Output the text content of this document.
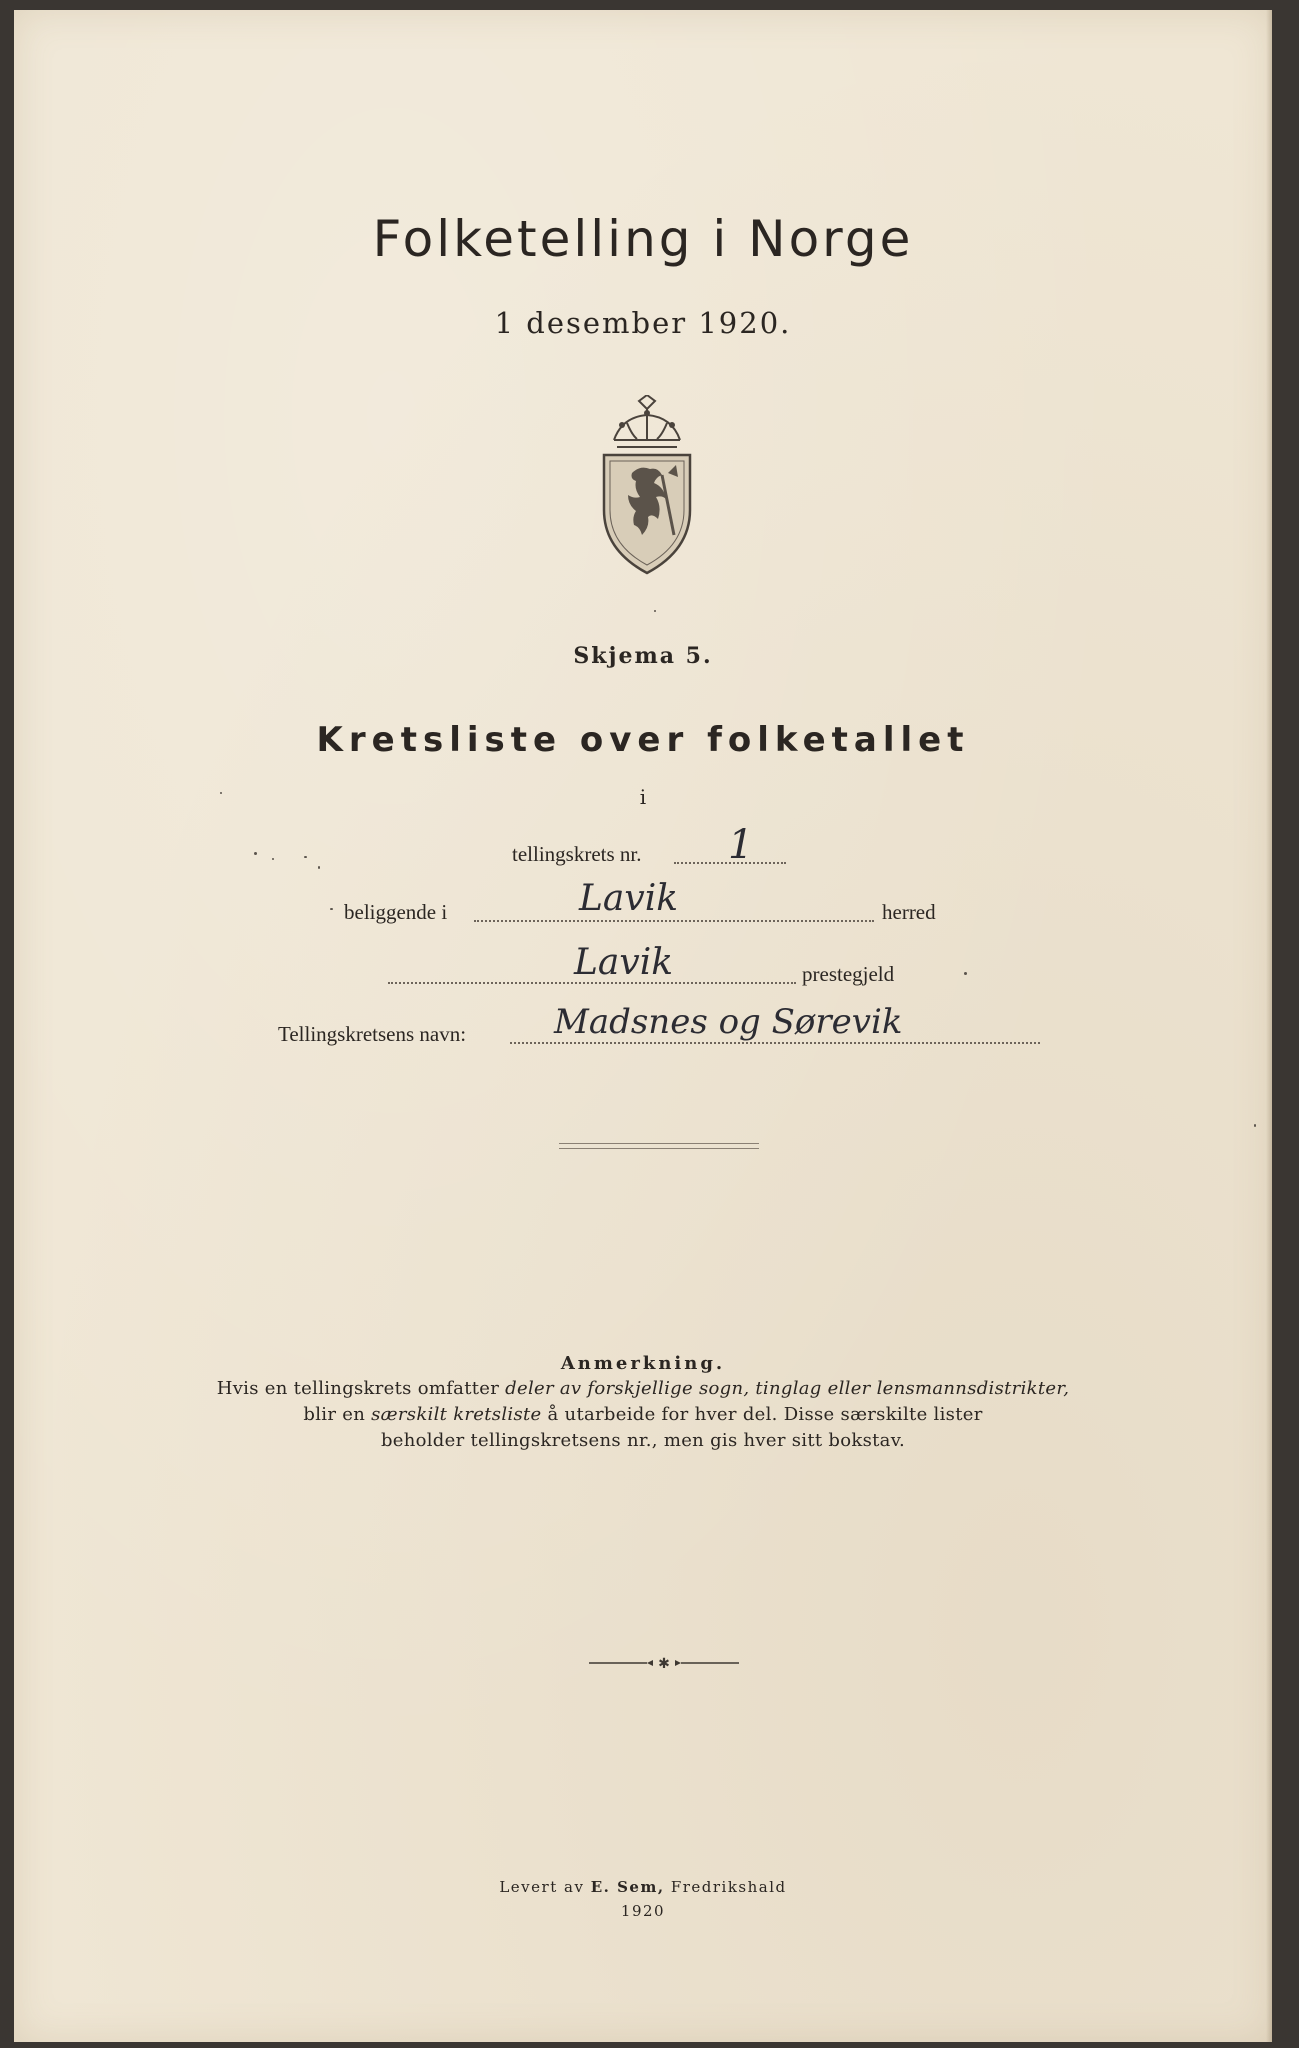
Folketelling i Norge
1 desember 1920.
Skjema 5.
Kretsliste over folketallet
i
tellingskrets nr. 1
beliggende i	Lavik	herred
Lavik	prestegjeld
Tellingskretsens navn:	Madsnes og Sørevik
Anmerkning.
Hvis en tellingskrets omfatter deler av forskjellige sogn, tinglag eller lensmannsdistrikter,
blir en særskilt kretsliste å utarbeide for hver del. Disse særskilte lister
beholder tellingskretsens nr., men gis hver sitt bokstav.
✱
Levert av E. Sem, Fredrikshald
1920
